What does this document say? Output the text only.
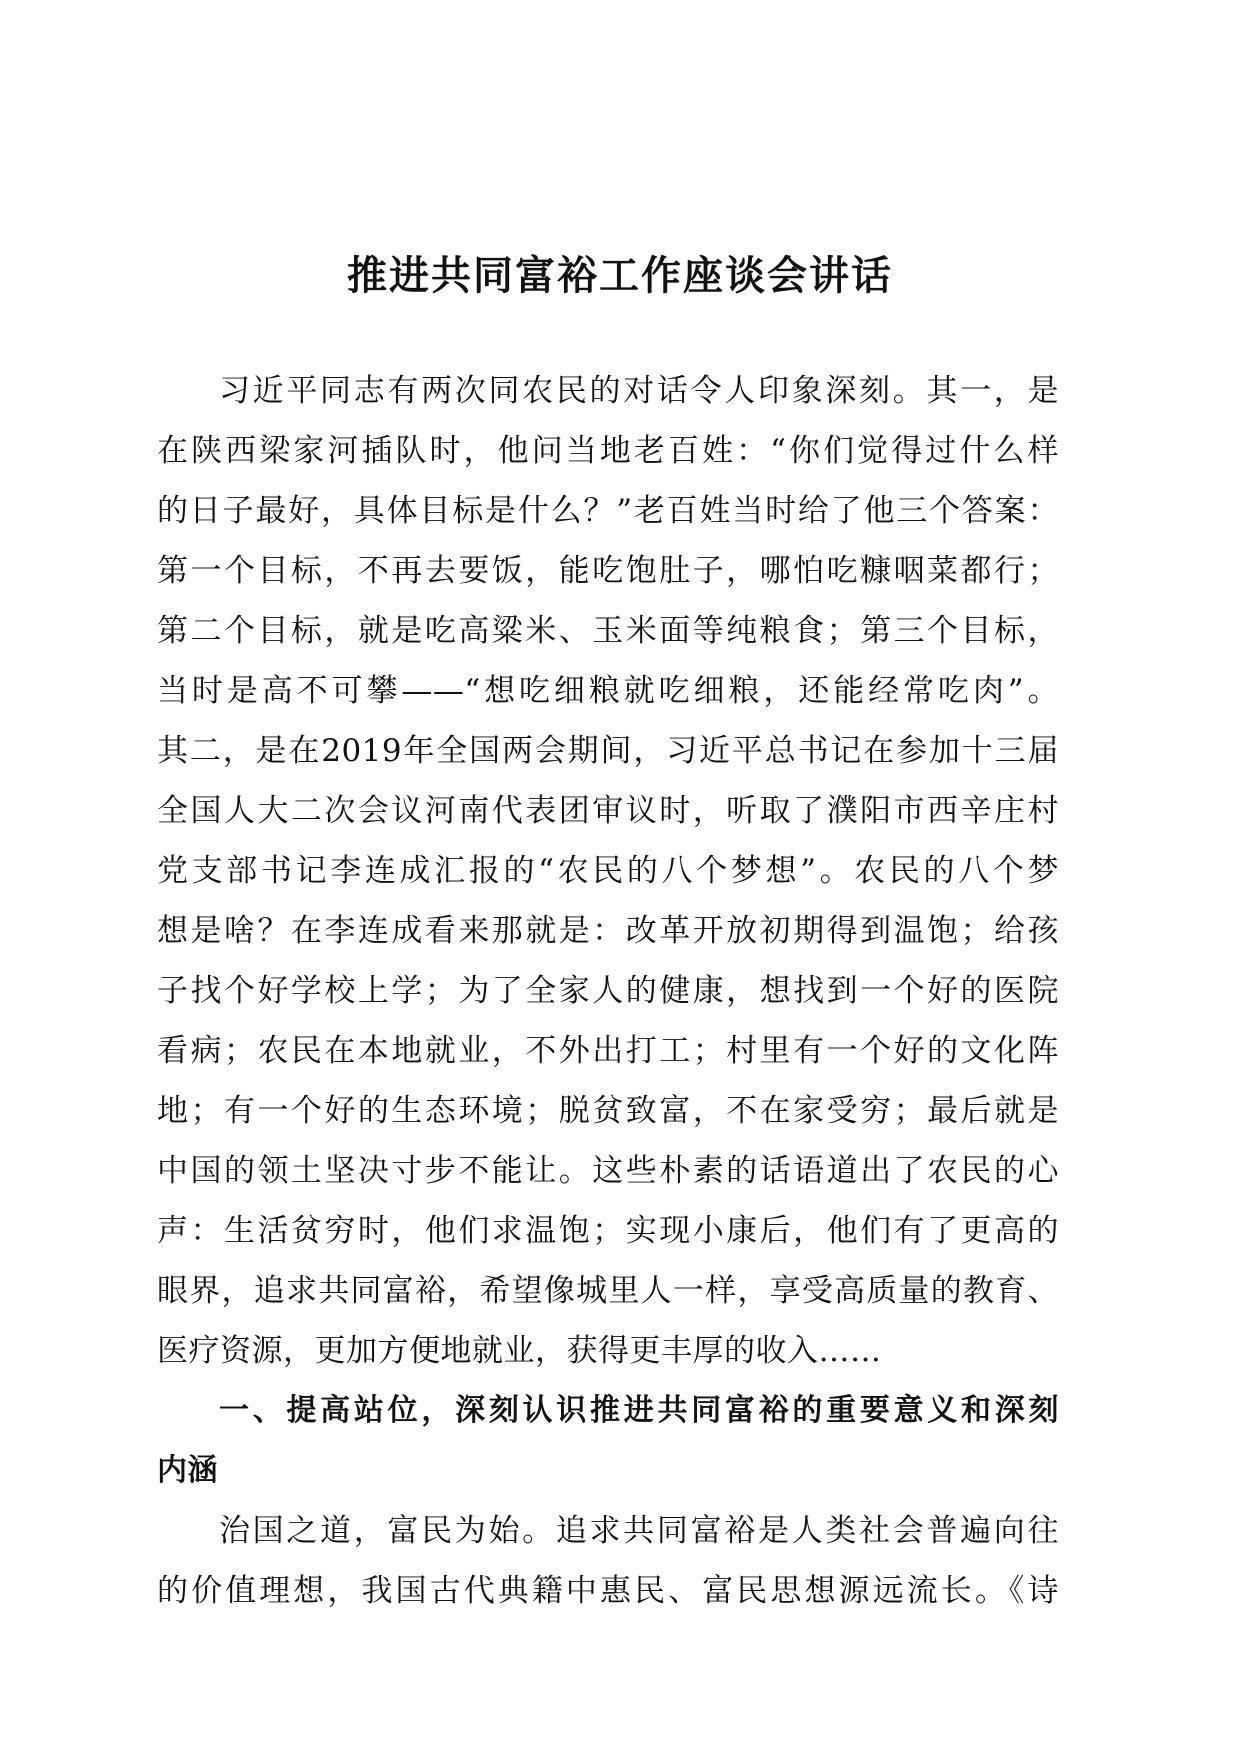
推进共同富裕工作座谈会讲话
习近平同志有两次同农民的对话令人印象深刻。其一，是
在陕西梁家河插队时，他问当地老百姓：“你们觉得过什么样
的日子最好，具体目标是什么？”老百姓当时给了他三个答案：
第一个目标，不再去要饭，能吃饱肚子，哪怕吃糠咽菜都行；
第二个目标，就是吃高粱米、玉米面等纯粮食；第三个目标，
当时是高不可攀——“想吃细粮就吃细粮，还能经常吃肉”。
其二，是在2019年全国两会期间，习近平总书记在参加十三届
全国人大二次会议河南代表团审议时，听取了濮阳市西辛庄村
党支部书记李连成汇报的“农民的八个梦想”。农民的八个梦
想是啥？在李连成看来那就是：改革开放初期得到温饱；给孩
子找个好学校上学；为了全家人的健康，想找到一个好的医院
看病；农民在本地就业，不外出打工；村里有一个好的文化阵
地；有一个好的生态环境；脱贫致富，不在家受穷；最后就是
中国的领土坚决寸步不能让。这些朴素的话语道出了农民的心
声：生活贫穷时，他们求温饱；实现小康后，他们有了更高的
眼界，追求共同富裕，希望像城里人一样，享受高质量的教育、
医疗资源，更加方便地就业，获得更丰厚的收入……
一、提高站位，深刻认识推进共同富裕的重要意义和深刻
内涵
治国之道，富民为始。追求共同富裕是人类社会普遍向往
的价值理想，我国古代典籍中惠民、富民思想源远流长。《诗
